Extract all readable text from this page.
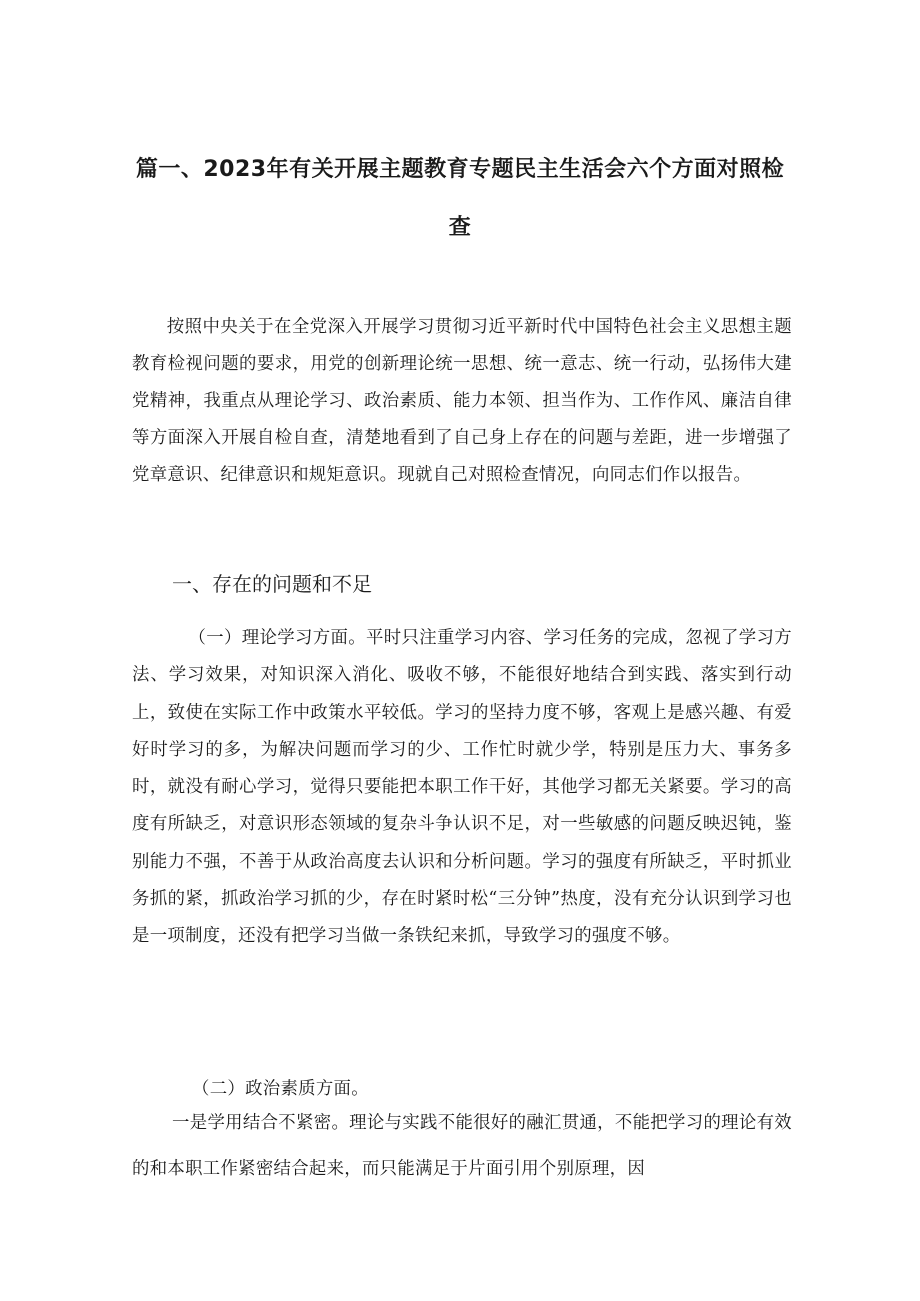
篇一、2023年有关开展主题教育专题民主生活会六个方面对照检
查

按照中央关于在全党深入开展学习贯彻习近平新时代中国特色社会主义思想主题教育检视问题的要求，用党的创新理论统一思想、统一意志、统一行动，弘扬伟大建党精神，我重点从理论学习、政治素质、能力本领、担当作为、工作作风、廉洁自律等方面深入开展自检自查，清楚地看到了自己身上存在的问题与差距，进一步增强了党章意识、纪律意识和规矩意识。现就自己对照检查情况，向同志们作以报告。

一、存在的问题和不足

（一）理论学习方面。平时只注重学习内容、学习任务的完成，忽视了学习方法、学习效果，对知识深入消化、吸收不够，不能很好地结合到实践、落实到行动上，致使在实际工作中政策水平较低。学习的坚持力度不够，客观上是感兴趣、有爱好时学习的多，为解决问题而学习的少、工作忙时就少学，特别是压力大、事务多时，就没有耐心学习，觉得只要能把本职工作干好，其他学习都无关紧要。学习的高度有所缺乏，对意识形态领域的复杂斗争认识不足，对一些敏感的问题反映迟钝，鉴别能力不强，不善于从政治高度去认识和分析问题。学习的强度有所缺乏，平时抓业务抓的紧，抓政治学习抓的少，存在时紧时松“三分钟”热度，没有充分认识到学习也是一项制度，还没有把学习当做一条铁纪来抓，导致学习的强度不够。

（二）政治素质方面。

一是学用结合不紧密。理论与实践不能很好的融汇贯通，不能把学习的理论有效的和本职工作紧密结合起来，而只能满足于片面引用个别原理，因
